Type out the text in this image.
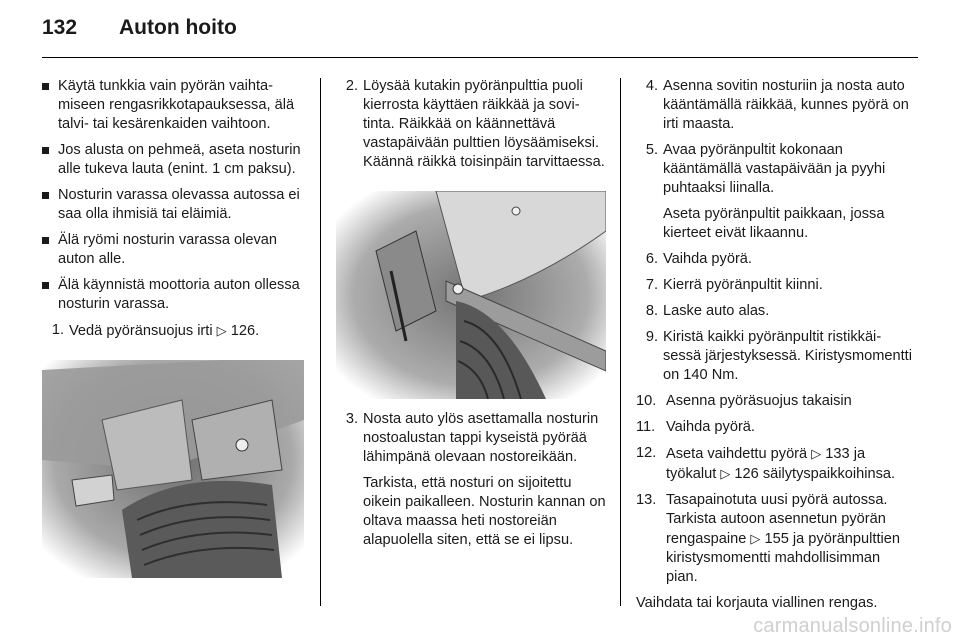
132 Auton hoito
Käytä tunkkia vain pyörän vaihtamiseen rengasrikkotapauksessa, älä talvi- tai kesärenkaiden vaihtoon.
Jos alusta on pehmeä, aseta nosturin alle tukeva lauta (enint. 1 cm paksu).
Nosturin varassa olevassa autossa ei saa olla ihmisiä tai eläimiä.
Älä ryömi nosturin varassa olevan auton alle.
Älä käynnistä moottoria auton ollessa nosturin varassa.
1. Vedä pyöränsuojus irti ▷ 126.

2. Löysää kutakin pyöränpulttia puoli kierrosta käyttäen räikkää ja sovitinta. Räikkää on käännettävä vastapäivään pulttien löysäämiseksi. Käännä räikkä toisinpäin tarvittaessa.

3. Nosta auto ylös asettamalla nosturin nostoalustan tappi kyseistä pyörää lähimpänä olevaan nostoreikään.

Tarkista, että nosturi on sijoitettu oikein paikalleen. Nosturin kannan on oltava maassa heti nostoreiän alapuolella siten, että se ei lipsu.

4. Asenna sovitin nosturiin ja nosta auto kääntämällä räikkää, kunnes pyörä on irti maasta.

5. Avaa pyöränpultit kokonaan kääntämällä vastapäivään ja pyyhi puhtaaksi liinalla.

Aseta pyöränpultit paikkaan, jossa kierteet eivät likaannu.

6. Vaihda pyörä.

7. Kierrä pyöränpultit kiinni.

8. Laske auto alas.

9. Kiristä kaikki pyöränpultit ristikkäisessä järjestyksessä. Kiristysmomentti on 140 Nm.

10. Asenna pyöräsuojus takaisin

11. Vaihda pyörä.

12. Aseta vaihdettu pyörä ▷ 133 ja työkalut ▷ 126 säilytyspaikkoihinsa.

13. Tasapainotuta uusi pyörä autossa. Tarkista autoon asennetun pyörän rengaspaine ▷ 155 ja pyöränpulttien kiristysmomentti mahdollisimman pian.

Vaihdata tai korjauta viallinen rengas.

carmanualsonline.info
